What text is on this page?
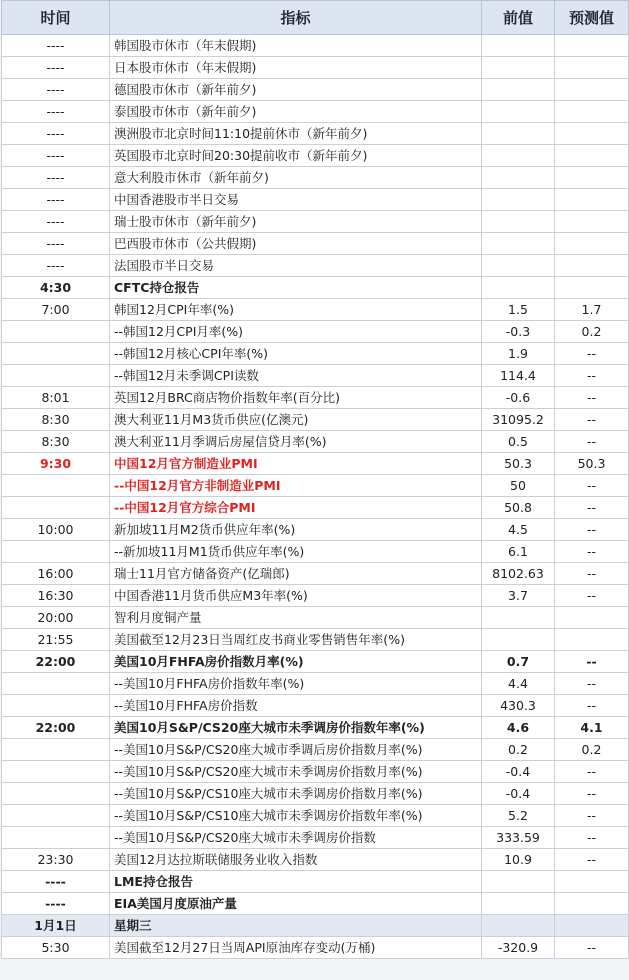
时间	指标	前值	预测值
----	韩国股市休市（年末假期)		
----	日本股市休市（年末假期)		
----	德国股市休市（新年前夕)		
----	泰国股市休市（新年前夕)		
----	澳洲股市北京时间11:10提前休市（新年前夕)		
----	英国股市北京时间20:30提前收市（新年前夕)		
----	意大利股市休市（新年前夕)		
----	中国香港股市半日交易		
----	瑞士股市休市（新年前夕)		
----	巴西股市休市（公共假期)		
----	法国股市半日交易		
4:30	CFTC持仓报告		
7:00	韩国12月CPI年率(%)	1.5	1.7
	--韩国12月CPI月率(%)	-0.3	0.2
	--韩国12月核心CPI年率(%)	1.9	--
	--韩国12月未季调CPI读数	114.4	--
8:01	英国12月BRC商店物价指数年率(百分比)	-0.6	--
8:30	澳大利亚11月M3货币供应(亿澳元)	31095.2	--
8:30	澳大利亚11月季调后房屋信贷月率(%)	0.5	--
9:30	中国12月官方制造业PMI	50.3	50.3
	--中国12月官方非制造业PMI	50	--
	--中国12月官方综合PMI	50.8	--
10:00	新加坡11月M2货币供应年率(%)	4.5	--
	--新加坡11月M1货币供应年率(%)	6.1	--
16:00	瑞士11月官方储备资产(亿瑞郎)	8102.63	--
16:30	中国香港11月货币供应M3年率(%)	3.7	--
20:00	智利月度铜产量		
21:55	美国截至12月23日当周红皮书商业零售销售年率(%)		
22:00	美国10月FHFA房价指数月率(%)	0.7	--
	--美国10月FHFA房价指数年率(%)	4.4	--
	--美国10月FHFA房价指数	430.3	--
22:00	美国10月S&P/CS20座大城市未季调房价指数年率(%)	4.6	4.1
	--美国10月S&P/CS20座大城市季调后房价指数月率(%)	0.2	0.2
	--美国10月S&P/CS20座大城市未季调房价指数月率(%)	-0.4	--
	--美国10月S&P/CS10座大城市未季调房价指数月率(%)	-0.4	--
	--美国10月S&P/CS10座大城市未季调房价指数年率(%)	5.2	--
	--美国10月S&P/CS20座大城市未季调房价指数	333.59	--
23:30	美国12月达拉斯联储服务业收入指数	10.9	--
----	LME持仓报告		
----	EIA美国月度原油产量		
1月1日	星期三		
5:30	美国截至12月27日当周API原油库存变动(万桶)	-320.9	--
